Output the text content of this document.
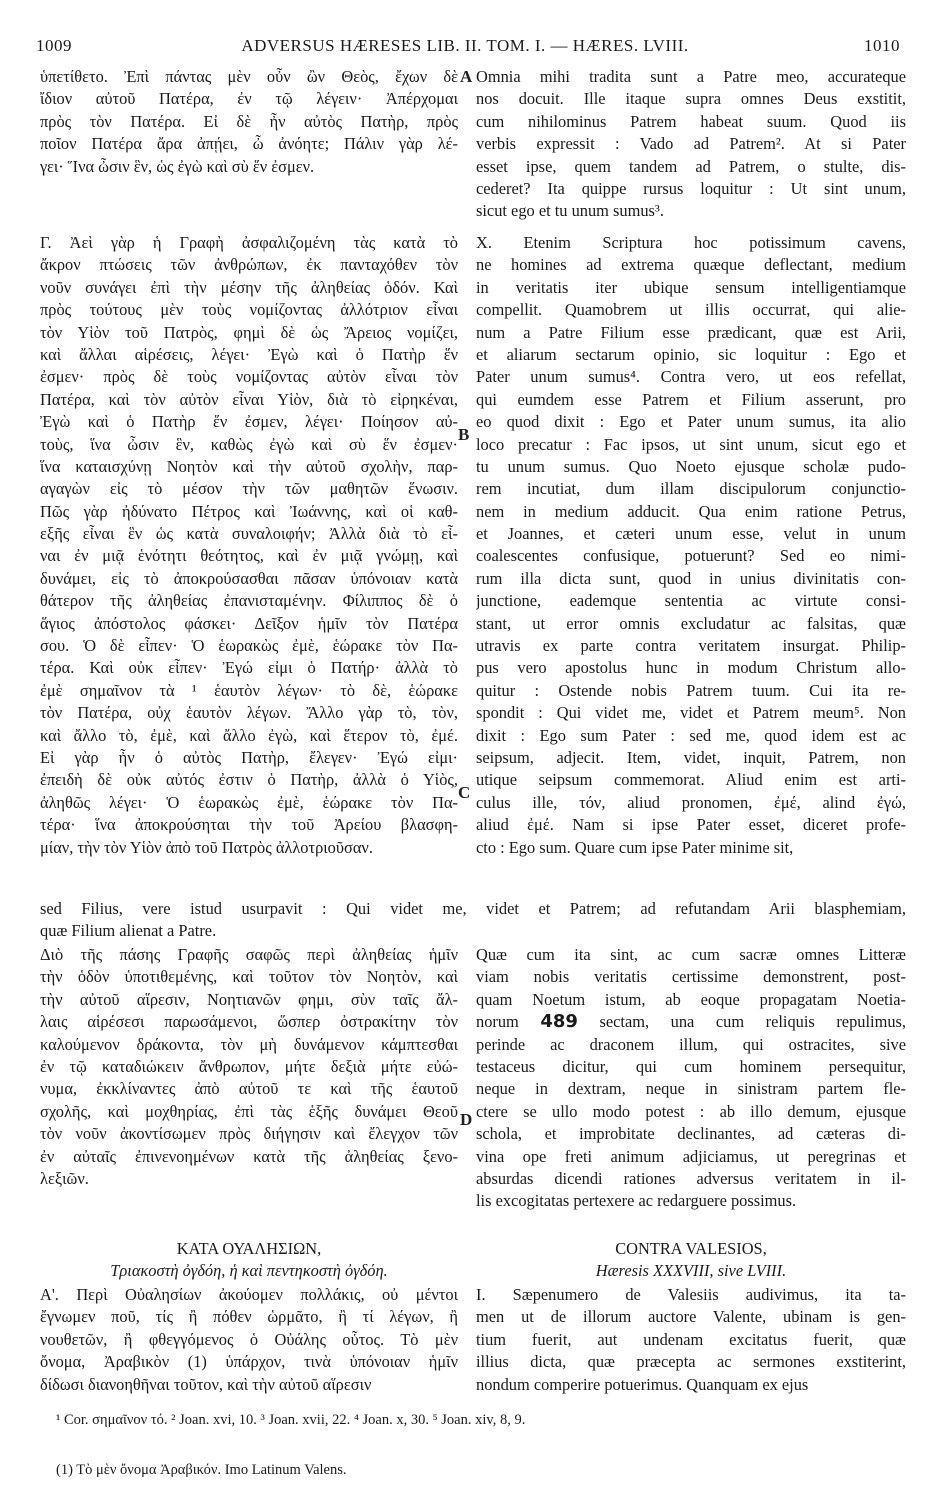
1009	ADVERSUS HÆRESES LIB. II. TOM. I. — HÆRES. LVIII.	1010
ὑπετίθετο. Ἐπὶ πάντας μὲν οὖν ὢν Θεὸς, ἔχων δὲ
ἴδιον αὐτοῦ Πατέρα, ἐν τῷ λέγειν· Ἀπέρχομαι
πρὸς τὸν Πατέρα. Εἰ δὲ ἦν αὐτὸς Πατὴρ, πρὸς
ποῖον Πατέρα ἄρα ἀπῄει, ὦ ἀνόητε; Πάλιν γὰρ λέ-
γει· Ἵνα ὦσιν ἓν, ὡς ἐγὼ καὶ σὺ ἕν ἐσμεν.
A Omnia mihi tradita sunt a Patre meo, accurateque
nos docuit. Ille itaque supra omnes Deus exstitit,
cum nihilominus Patrem habeat suum. Quod iis
verbis expressit : Vado ad Patrem². At si Pater
esset ipse, quem tandem ad Patrem, o stulte, dis-
cederet? Ita quippe rursus loquitur : Ut sint unum,
sicut ego et tu unum sumus³.
Γ. Ἀεὶ γὰρ ἡ Γραφὴ ἀσφαλιζομένη τὰς κατὰ τὸ
ἄκρον πτώσεις τῶν ἀνθρώπων, ἐκ πανταχόθεν τὸν
νοῦν συνάγει ἐπὶ τὴν μέσην τῆς ἀληθείας ὁδόν. Καὶ
πρὸς τούτους μὲν τοὺς νομίζοντας ἀλλότριον εἶναι
τὸν Υἱὸν τοῦ Πατρὸς, φημὶ δὲ ὡς Ἄρειος νομίζει,
καὶ ἄλλαι αἱρέσεις, λέγει· Ἐγὼ καὶ ὁ Πατὴρ ἕν
ἐσμεν· πρὸς δὲ τοὺς νομίζοντας αὐτὸν εἶναι τὸν
Πατέρα, καὶ τὸν αὐτὸν εἶναι Υἱὸν, διὰ τὸ εἰρηκέναι,
Ἐγὼ καὶ ὁ Πατὴρ ἕν ἐσμεν, λέγει· Ποίησον αὐ-
τοὺς, ἵνα ὦσιν ἓν, καθὼς ἐγὼ καὶ σὺ ἕν ἐσμεν·
ἵνα καταισχύνῃ Νοητὸν καὶ τὴν αὐτοῦ σχολὴν, παρ-
αγαγὼν εἰς τὸ μέσον τὴν τῶν μαθητῶν ἕνωσιν.
Πῶς γὰρ ἠδύνατο Πέτρος καὶ Ἰωάννης, καὶ οἱ καθ-
εξῆς εἶναι ἓν ὡς κατὰ συναλοιφήν; Ἀλλὰ διὰ τὸ εἶ-
ναι ἐν μιᾷ ἑνότητι θεότητος, καὶ ἐν μιᾷ γνώμῃ, καὶ
δυνάμει, εἰς τὸ ἀποκρούσασθαι πᾶσαν ὑπόνοιαν κατὰ
θάτερον τῆς ἀληθείας ἐπανισταμένην. Φίλιππος δὲ ὁ
ἅγιος ἀπόστολος φάσκει· Δεῖξον ἡμῖν τὸν Πατέρα
σου. Ὁ δὲ εἶπεν· Ὁ ἑωρακὼς ἐμὲ, ἑώρακε τὸν Πα-
τέρα. Καὶ οὐκ εἶπεν· Ἐγώ εἰμι ὁ Πατήρ· ἀλλὰ τὸ
ἐμὲ σημαῖνον τὰ ¹ ἑαυτὸν λέγων· τὸ δὲ, ἑώρακε
τὸν Πατέρα, οὐχ ἑαυτὸν λέγων. Ἄλλο γὰρ τὸ, τὸν,
καὶ ἄλλο τὸ, ἐμὲ, καὶ ἄλλο ἐγὼ, καὶ ἕτερον τὸ, ἐμέ.
Εἰ γὰρ ἦν ὁ αὐτὸς Πατὴρ, ἔλεγεν· Ἐγώ εἰμι·
ἐπειδὴ δὲ οὐκ αὐτός ἐστιν ὁ Πατὴρ, ἀλλὰ ὁ Υἱὸς,
ἀληθῶς λέγει· Ὁ ἑωρακὼς ἐμὲ, ἑώρακε τὸν Πα-
τέρα· ἵνα ἀποκρούσηται τὴν τοῦ Ἀρείου βλασφη-
μίαν, τὴν τὸν Υἱὸν ἀπὸ τοῦ Πατρὸς ἀλλοτριοῦσαν.
B
C
X. Etenim Scriptura hoc potissimum cavens,
ne homines ad extrema quæque deflectant, medium
in veritatis iter ubique sensum intelligentiamque
compellit. Quamobrem ut illis occurrat, qui alie-
num a Patre Filium esse prædicant, quæ est Arii,
et aliarum sectarum opinio, sic loquitur : Ego et
Pater unum sumus⁴. Contra vero, ut eos refellat,
qui eumdem esse Patrem et Filium asserunt, pro
eo quod dixit : Ego et Pater unum sumus, ita alio
loco precatur : Fac ipsos, ut sint unum, sicut ego et
tu unum sumus. Quo Noeto ejusque scholæ pudo-
rem incutiat, dum illam discipulorum conjunctio-
nem in medium adducit. Qua enim ratione Petrus,
et Joannes, et cæteri unum esse, velut in unum
coalescentes confusique, potuerunt? Sed eo nimi-
rum illa dicta sunt, quod in unius divinitatis con-
junctione, eademque sententia ac virtute consi-
stant, ut error omnis excludatur ac falsitas, quæ
utravis ex parte contra veritatem insurgat. Philip-
pus vero apostolus hunc in modum Christum allo-
quitur : Ostende nobis Patrem tuum. Cui ita re-
spondit : Qui videt me, videt et Patrem meum⁵. Non
dixit : Ego sum Pater : sed me, quod idem est ac
seipsum, adjecit. Item, videt, inquit, Patrem, non
utique seipsum commemorat. Aliud enim est arti-
culus ille, τόν, aliud pronomen, ἐμέ, alind ἐγώ,
aliud ἐμέ. Nam si ipse Pater esset, diceret profe-
cto : Ego sum. Quare cum ipse Pater minime sit,
sed Filius, vere istud usurpavit : Qui videt me, videt et Patrem; ad refutandam Arii blasphemiam,
quæ Filium alienat a Patre.
Διὸ τῆς πάσης Γραφῆς σαφῶς περὶ ἀληθείας ἡμῖν
τὴν ὁδὸν ὑποτιθεμένης, καὶ τοῦτον τὸν Νοητὸν, καὶ
τὴν αὐτοῦ αἵρεσιν, Νοητιανῶν φημι, σὺν ταῖς ἄλ-
λαις αἱρέσεσι παρωσάμενοι, ὥσπερ ὀστρακίτην τὸν
καλούμενον δράκοντα, τὸν μὴ δυνάμενον κάμπτεσθαι
ἐν τῷ καταδιώκειν ἄνθρωπον, μήτε δεξιὰ μήτε εὐώ-
νυμα, ἐκκλίναντες ἀπὸ αὐτοῦ τε καὶ τῆς ἑαυτοῦ
σχολῆς, καὶ μοχθηρίας, ἐπὶ τὰς ἑξῆς δυνάμει Θεοῦ
τὸν νοῦν ἀκοντίσωμεν πρὸς διήγησιν καὶ ἔλεγχον τῶν
ἐν αὐταῖς ἐπινενοημένων κατὰ τῆς ἀληθείας ξενο-
λεξιῶν.
D
Quæ cum ita sint, ac cum sacræ omnes Litteræ
viam nobis veritatis certissime demonstrent, post-
quam Noetum istum, ab eoque propagatam Noetia-
norum 489 sectam, una cum reliquis repulimus,
perinde ac draconem illum, qui ostracites, sive
testaceus dicitur, qui cum hominem persequitur,
neque in dextram, neque in sinistram partem fle-
ctere se ullo modo potest : ab illo demum, ejusque
schola, et improbitate declinantes, ad cæteras di-
vina ope freti animum adjiciamus, ut peregrinas et
absurdas dicendi rationes adversus veritatem in il-
lis excogitatas pertexere ac redarguere possimus.
ΚΑΤΑ ΟΥΑΛΗΣΙΩΝ,
Τριακοστὴ ὀγδόη, ἡ καὶ πεντηκοστὴ ὀγδόη.
CONTRA VALESIOS,
Hæresis XXXVIII, sive LVIII.
Α'. Περὶ Οὐαλησίων ἀκούομεν πολλάκις, οὐ μέντοι
ἔγνωμεν ποῦ, τίς ἢ πόθεν ὡρμᾶτο, ἢ τί λέγων, ἢ
νουθετῶν, ἢ φθεγγόμενος ὁ Οὐάλης οὗτος. Τὸ μὲν
ὄνομα, Ἀραβικὸν (1) ὑπάρχον, τινὰ ὑπόνοιαν ἡμῖν
δίδωσι διανοηθῆναι τοῦτον, καὶ τὴν αὐτοῦ αἵρεσιν
I. Sæpenumero de Valesiis audivimus, ita ta-
men ut de illorum auctore Valente, ubinam is gen-
tium fuerit, aut undenam excitatus fuerit, quæ
illius dicta, quæ præcepta ac sermones exstiterint,
nondum comperire potuerimus. Quanquam ex ejus
¹ Cor. σημαῖνον τό. ² Joan. xvi, 10. ³ Joan. xvii, 22. ⁴ Joan. x, 30. ⁵ Joan. xiv, 8, 9.
(1) Τὸ μὲν ὄνομα Ἀραβικόν. Imo Latinum Valens.
